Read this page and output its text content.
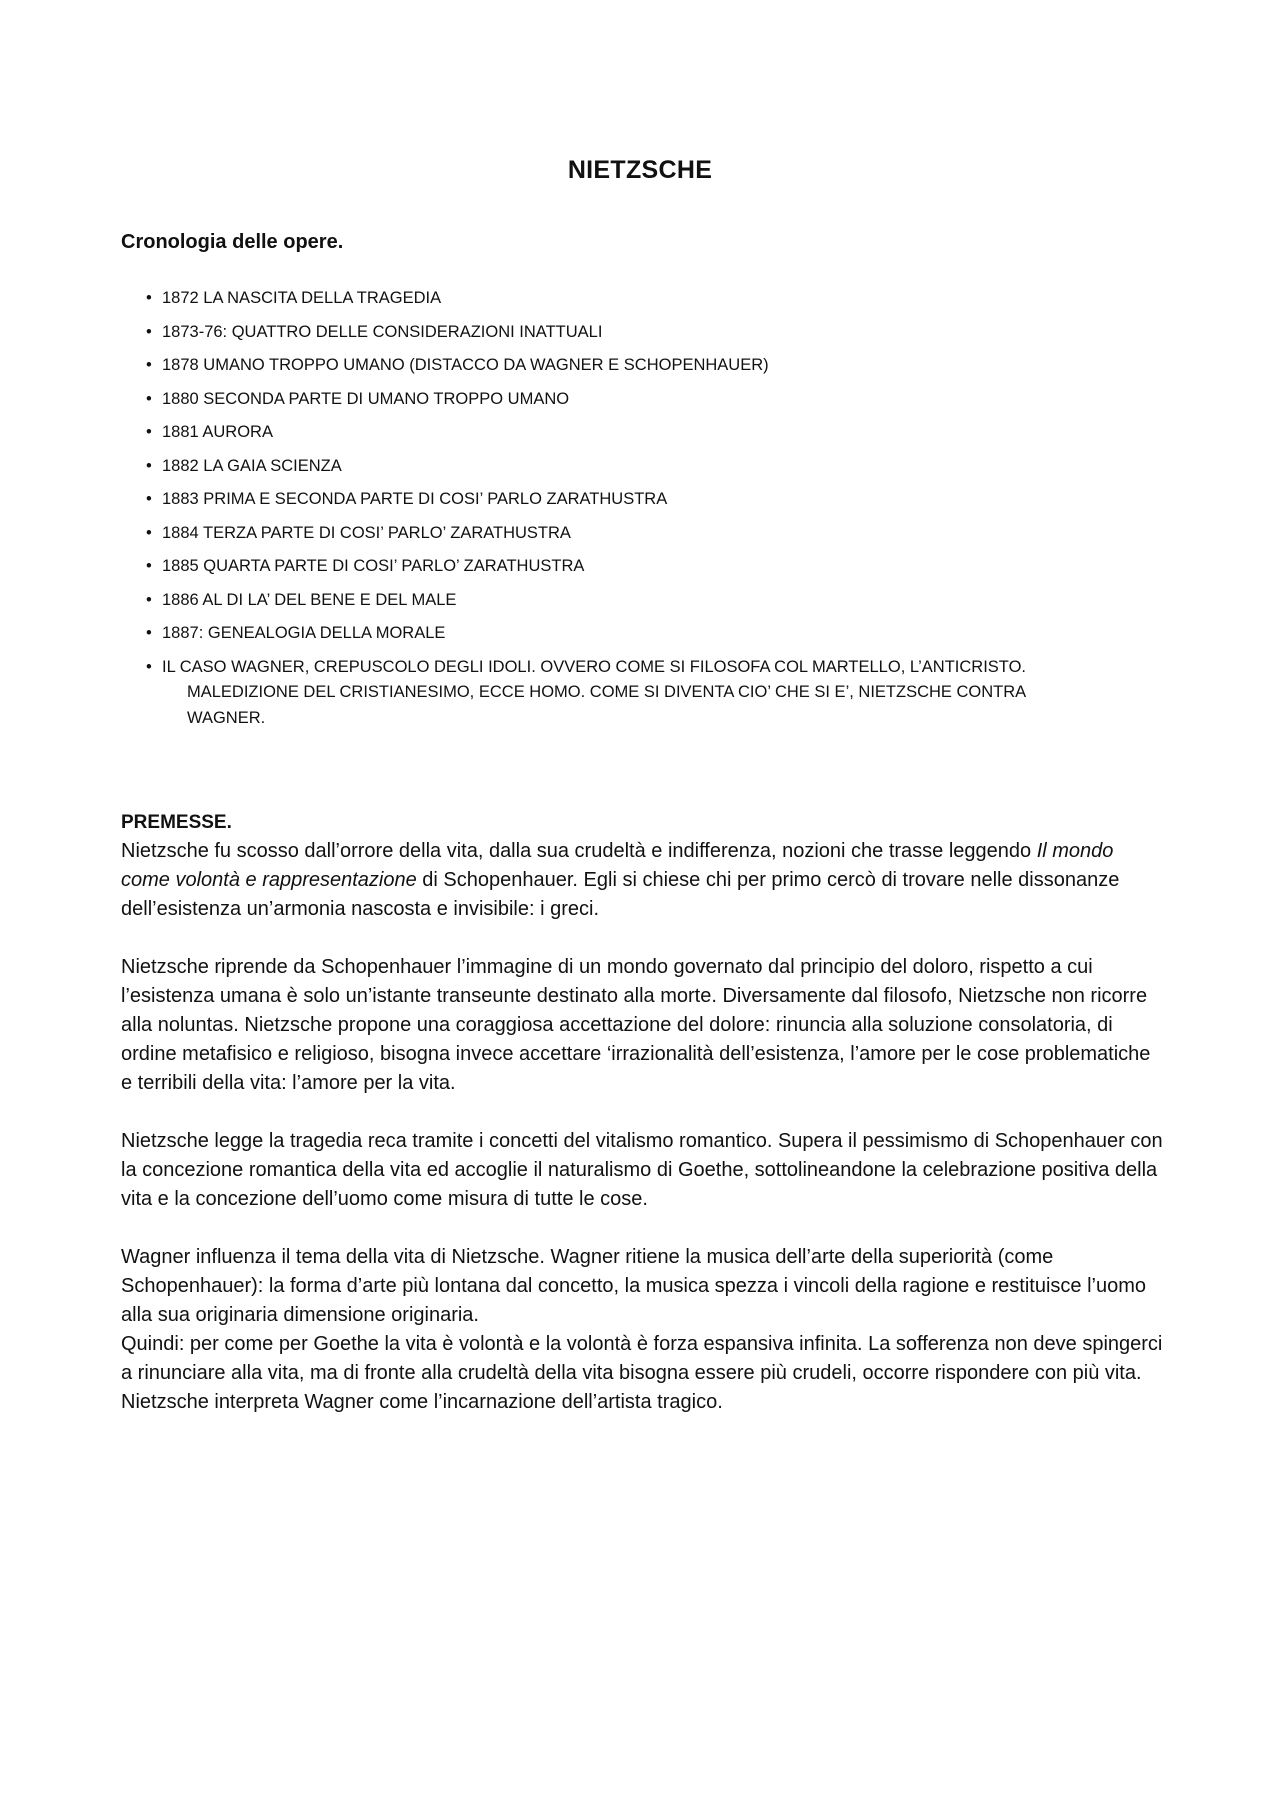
NIETZSCHE
Cronologia delle opere.
• 1872 LA NASCITA DELLA TRAGEDIA
• 1873-76: QUATTRO DELLE CONSIDERAZIONI INATTUALI
• 1878 UMANO TROPPO UMANO (DISTACCO DA WAGNER E SCHOPENHAUER)
• 1880 SECONDA PARTE DI UMANO TROPPO UMANO
• 1881 AURORA
• 1882 LA GAIA SCIENZA
• 1883 PRIMA E SECONDA PARTE DI COSI’ PARLO ZARATHUSTRA
• 1884 TERZA PARTE DI COSI’ PARLO’ ZARATHUSTRA
• 1885 QUARTA PARTE DI COSI’ PARLO’ ZARATHUSTRA
• 1886 AL DI LA’ DEL BENE E DEL MALE
• 1887: GENEALOGIA DELLA MORALE
• IL CASO WAGNER, CREPUSCOLO DEGLI IDOLI. OVVERO COME SI FILOSOFA COL MARTELLO, L’ANTICRISTO.
MALEDIZIONE DEL CRISTIANESIMO, ECCE HOMO. COME SI DIVENTA CIO’ CHE SI E’, NIETZSCHE CONTRA
WAGNER.
PREMESSE.

Nietzsche fu scosso dall’orrore della vita, dalla sua crudeltà e indifferenza, nozioni che trasse leggendo Il mondo come volontà e rappresentazione di Schopenhauer. Egli si chiese chi per primo cercò di trovare nelle dissonanze dell’esistenza un’armonia nascosta e invisibile: i greci.

Nietzsche riprende da Schopenhauer l’immagine di un mondo governato dal principio del doloro, rispetto a cui l’esistenza umana è solo un’istante transeunte destinato alla morte. Diversamente dal filosofo, Nietzsche non ricorre alla noluntas. Nietzsche propone una coraggiosa accettazione del dolore: rinuncia alla soluzione consolatoria, di ordine metafisico e religioso, bisogna invece accettare ‘irrazionalità dell’esistenza, l’amore per le cose problematiche e terribili della vita: l’amore per la vita.

Nietzsche legge la tragedia reca tramite i concetti del vitalismo romantico. Supera il pessimismo di Schopenhauer con la concezione romantica della vita ed accoglie il naturalismo di Goethe, sottolineandone la celebrazione positiva della vita e la concezione dell’uomo come misura di tutte le cose.

Wagner influenza il tema della vita di Nietzsche. Wagner ritiene la musica dell’arte della superiorità (come Schopenhauer): la forma d’arte più lontana dal concetto, la musica spezza i vincoli della ragione e restituisce l’uomo alla sua originaria dimensione originaria.

Quindi: per come per Goethe la vita è volontà e la volontà è forza espansiva infinita. La sofferenza non deve spingerci a rinunciare alla vita, ma di fronte alla crudeltà della vita bisogna essere più crudeli, occorre rispondere con più vita. Nietzsche interpreta Wagner come l’incarnazione dell’artista tragico.
